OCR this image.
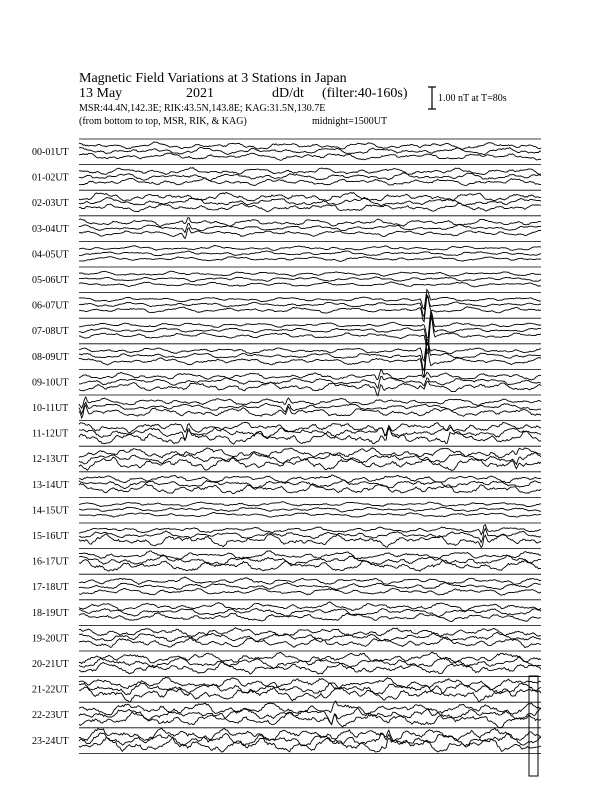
Magnetic Field Variations at 3 Stations in Japan
13 May	2021	dD/dt (filter:40-160s)
MSR:44.4N,142.3E; RIK:43.5N,143.8E; KAG:31.5N,130.7E
(from bottom to top, MSR, RIK, & KAG)	midnight=1500UT
1.00 nT at T=80s
00-01UT
01-02UT
02-03UT
03-04UT
04-05UT
05-06UT
06-07UT
07-08UT
08-09UT
09-10UT
10-11UT
11-12UT
12-13UT
13-14UT
14-15UT
15-16UT
16-17UT
17-18UT
18-19UT
19-20UT
20-21UT
21-22UT
22-23UT
23-24UT
